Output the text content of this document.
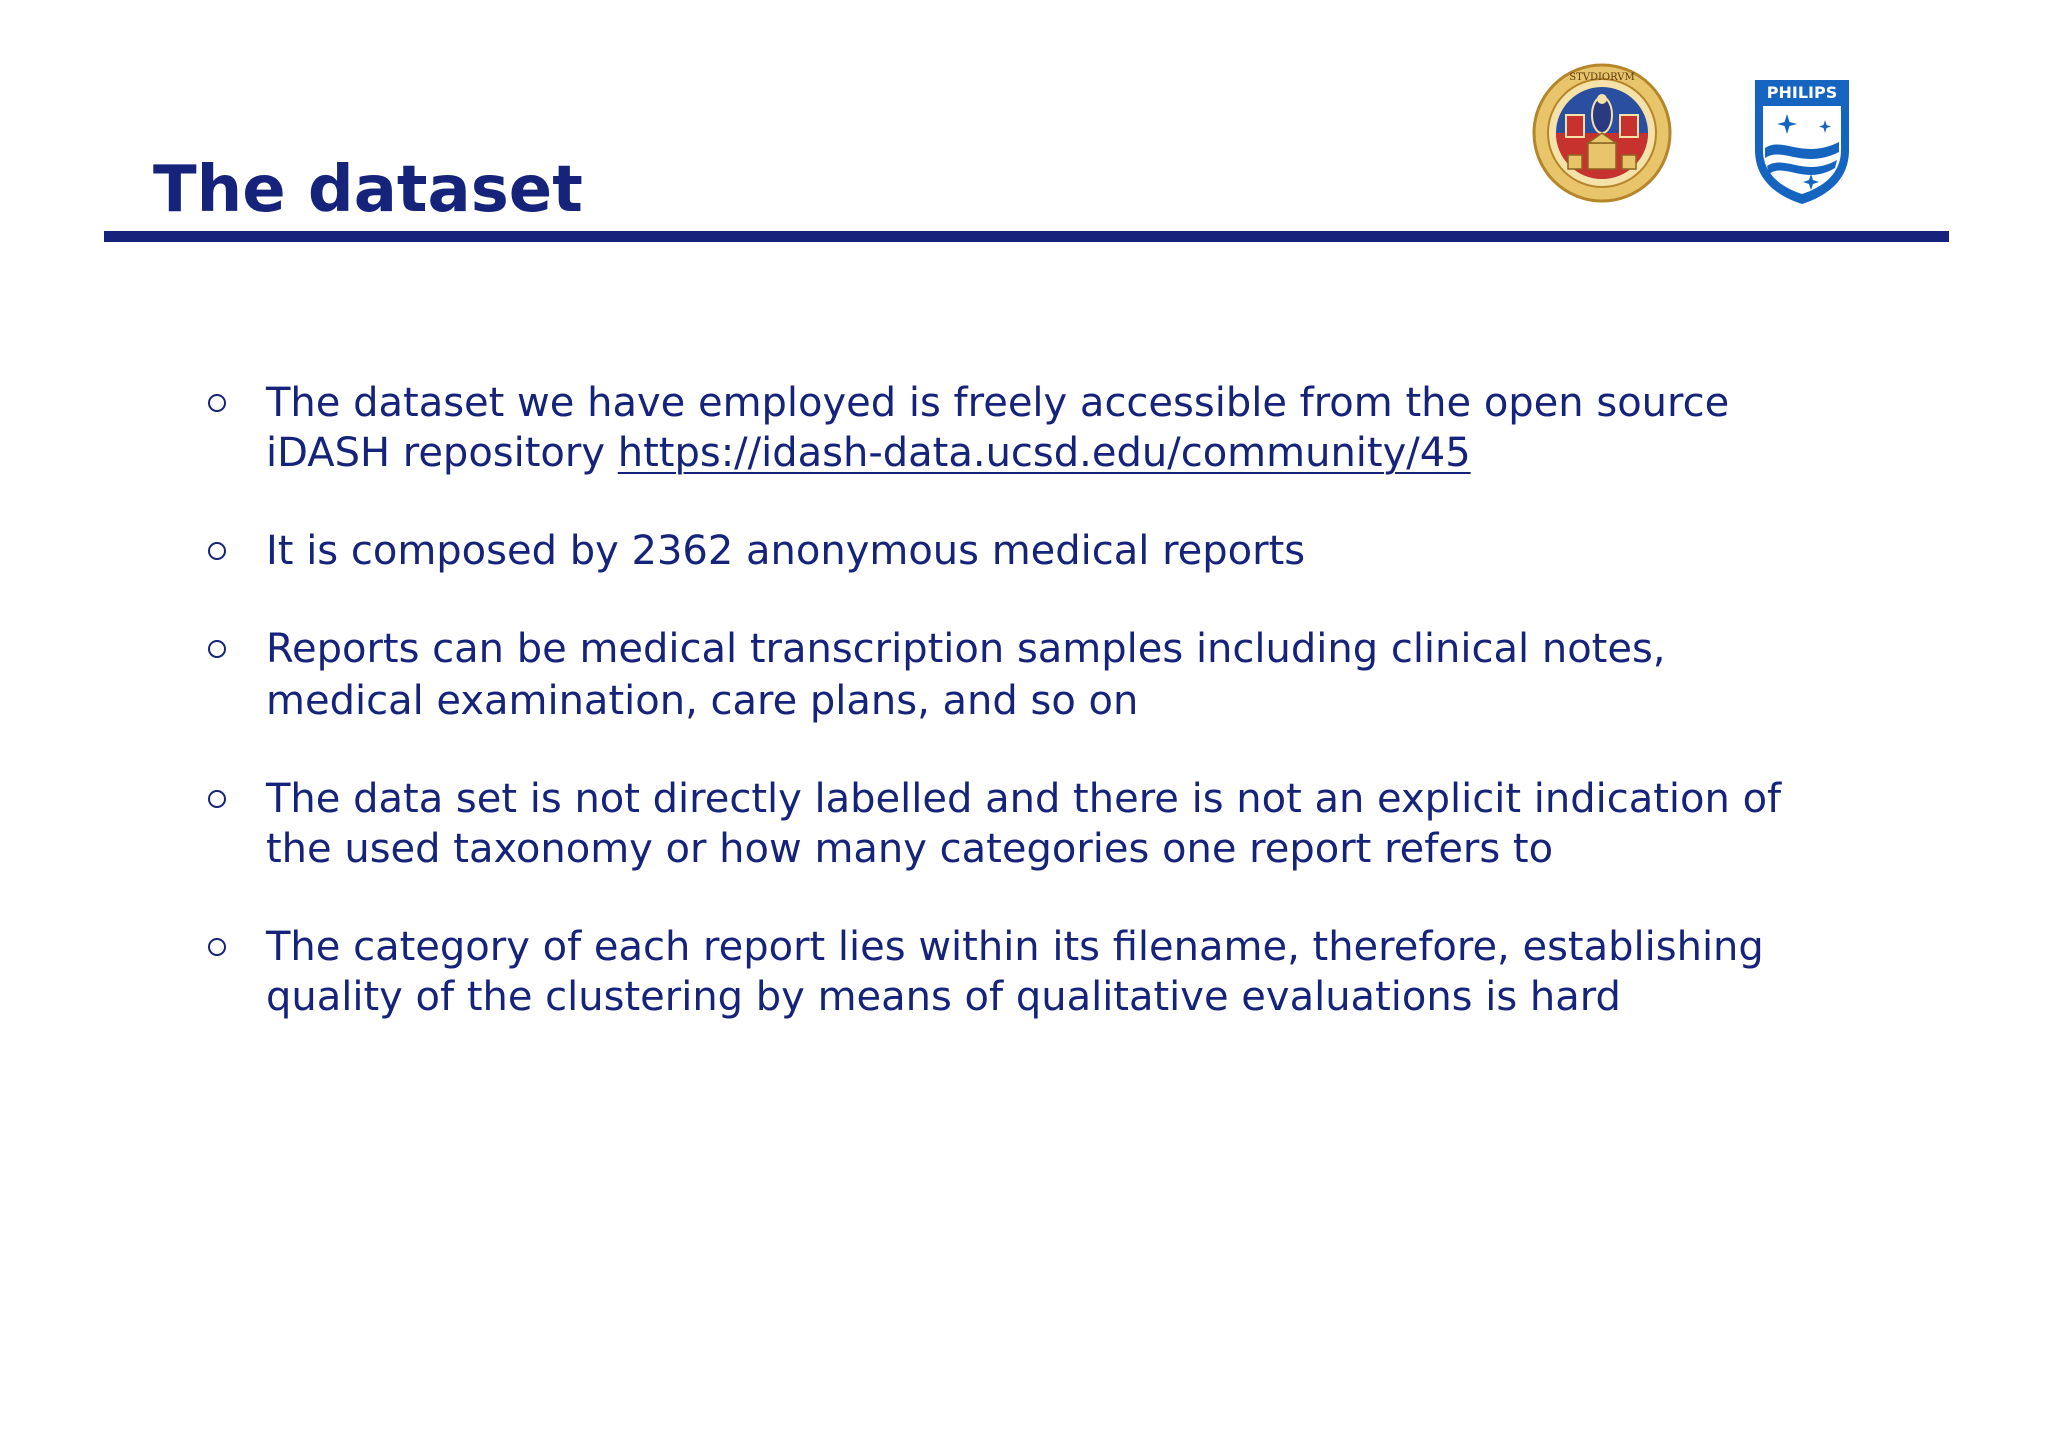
The dataset
STVDIORVM
PHILIPS
The dataset we have employed is freely accessible from the open source
iDASH repository https://idash-data.ucsd.edu/community/45
It is composed by 2362 anonymous medical reports
Reports can be medical transcription samples including clinical notes,
medical examination, care plans, and so on
The data set is not directly labelled and there is not an explicit indication of
the used taxonomy or how many categories one report refers to
The category of each report lies within its filename, therefore, establishing
quality of the clustering by means of qualitative evaluations is hard
